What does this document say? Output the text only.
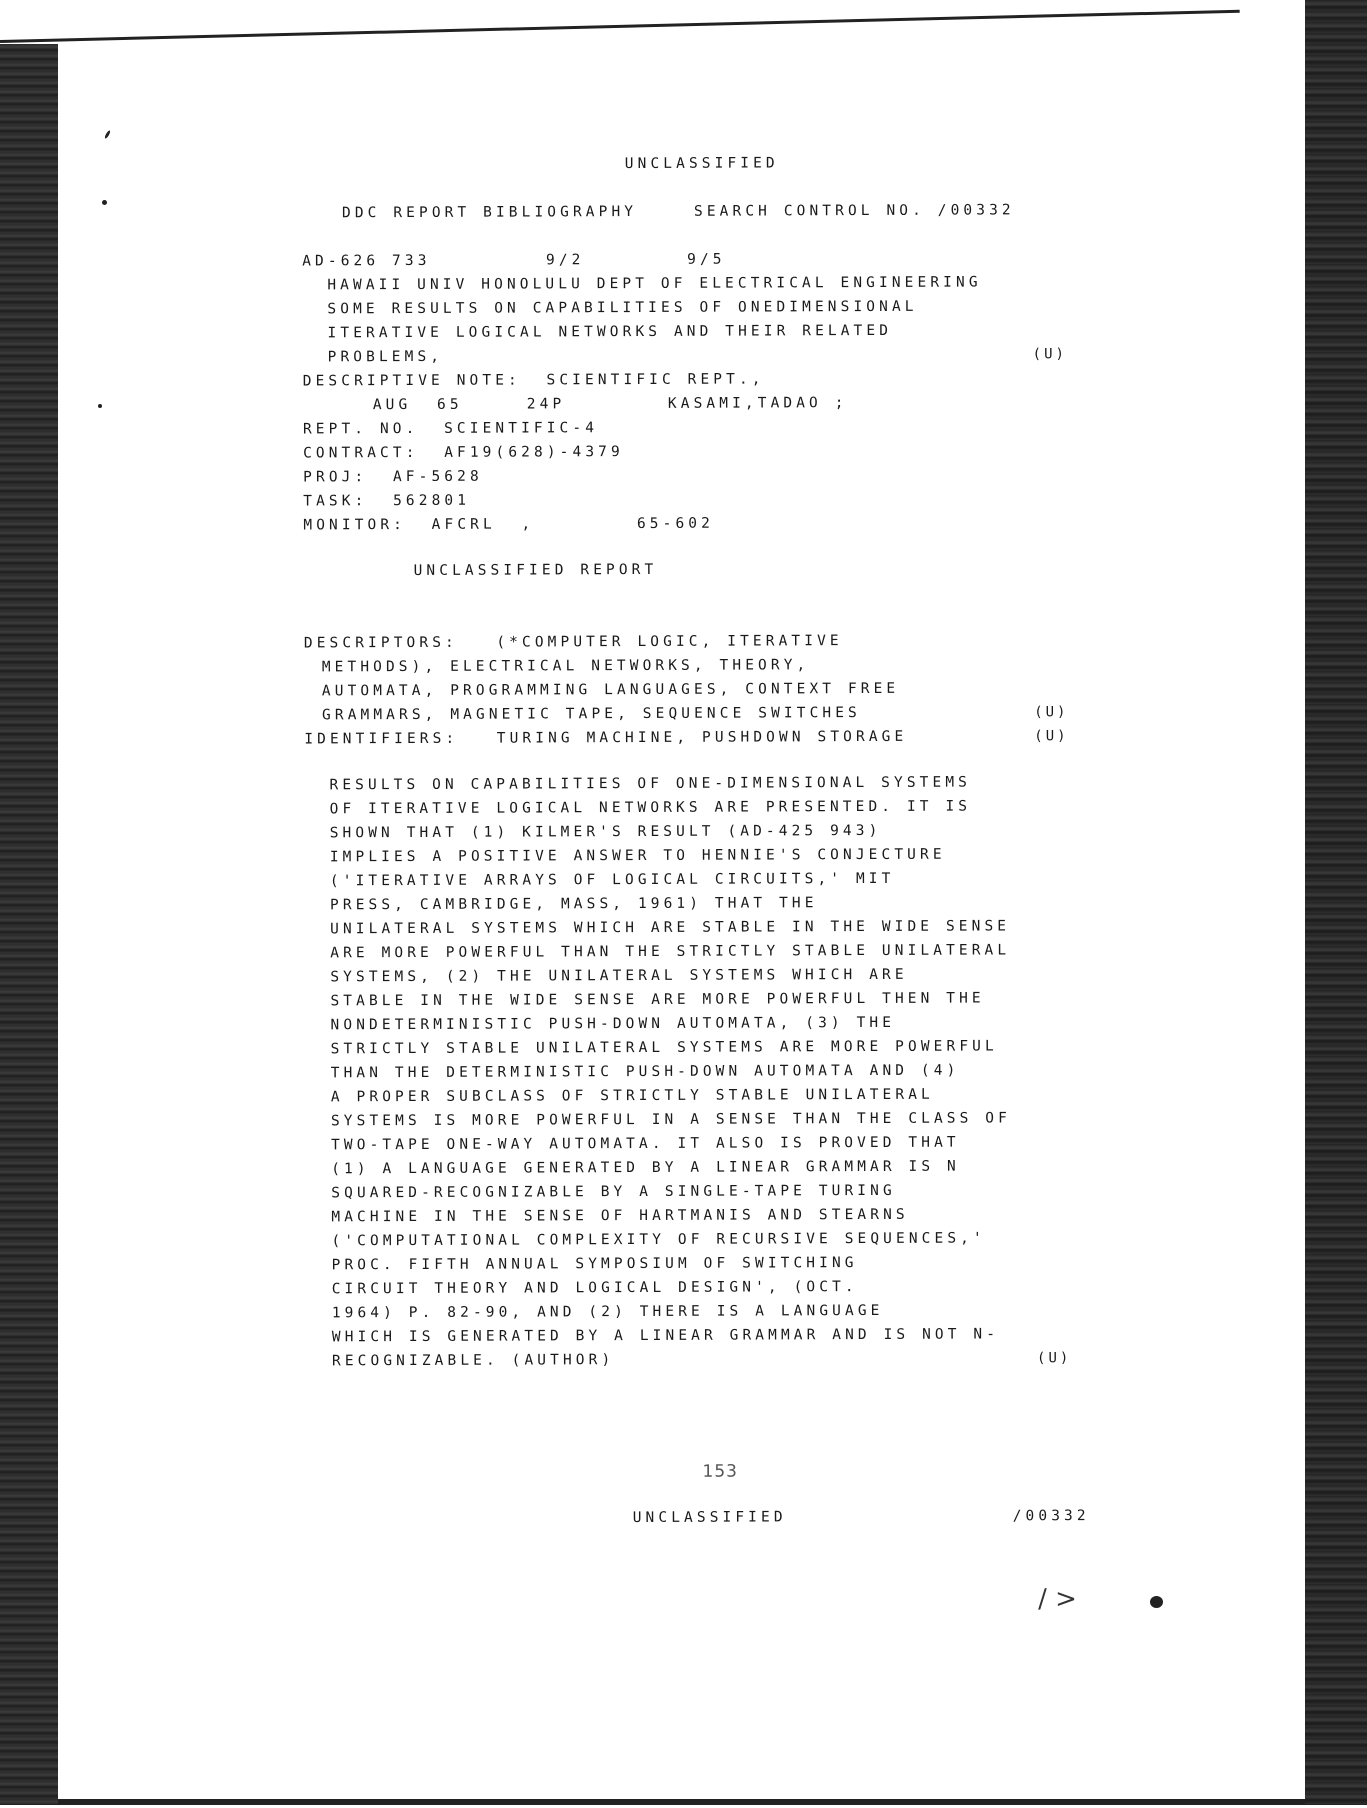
UNCLASSIFIED
DDC REPORT BIBLIOGRAPHY	SEARCH CONTROL NO. /00332
AD-626 733         9/2        9/5
HAWAII UNIV HONOLULU DEPT OF ELECTRICAL ENGINEERING
SOME RESULTS ON CAPABILITIES OF ONEDIMENSIONAL
ITERATIVE LOGICAL NETWORKS AND THEIR RELATED
PROBLEMS,	(U)
DESCRIPTIVE NOTE:  SCIENTIFIC REPT.,
AUG  65     24P        KASAMI,TADAO ;
REPT. NO.  SCIENTIFIC-4
CONTRACT:  AF19(628)-4379
PROJ:  AF-5628
TASK:  562801
MONITOR:  AFCRL  ,        65-602
UNCLASSIFIED REPORT
DESCRIPTORS:   (*COMPUTER LOGIC, ITERATIVE
METHODS), ELECTRICAL NETWORKS, THEORY,
AUTOMATA, PROGRAMMING LANGUAGES, CONTEXT FREE
GRAMMARS, MAGNETIC TAPE, SEQUENCE SWITCHES	(U)
IDENTIFIERS:   TURING MACHINE, PUSHDOWN STORAGE	(U)
RESULTS ON CAPABILITIES OF ONE-DIMENSIONAL SYSTEMS
OF ITERATIVE LOGICAL NETWORKS ARE PRESENTED. IT IS
SHOWN THAT (1) KILMER'S RESULT (AD-425 943)
IMPLIES A POSITIVE ANSWER TO HENNIE'S CONJECTURE
('ITERATIVE ARRAYS OF LOGICAL CIRCUITS,' MIT
PRESS, CAMBRIDGE, MASS, 1961) THAT THE
UNILATERAL SYSTEMS WHICH ARE STABLE IN THE WIDE SENSE
ARE MORE POWERFUL THAN THE STRICTLY STABLE UNILATERAL
SYSTEMS, (2) THE UNILATERAL SYSTEMS WHICH ARE
STABLE IN THE WIDE SENSE ARE MORE POWERFUL THEN THE
NONDETERMINISTIC PUSH-DOWN AUTOMATA, (3) THE
STRICTLY STABLE UNILATERAL SYSTEMS ARE MORE POWERFUL
THAN THE DETERMINISTIC PUSH-DOWN AUTOMATA AND (4)
A PROPER SUBCLASS OF STRICTLY STABLE UNILATERAL
SYSTEMS IS MORE POWERFUL IN A SENSE THAN THE CLASS OF
TWO-TAPE ONE-WAY AUTOMATA. IT ALSO IS PROVED THAT
(1) A LANGUAGE GENERATED BY A LINEAR GRAMMAR IS N
SQUARED-RECOGNIZABLE BY A SINGLE-TAPE TURING
MACHINE IN THE SENSE OF HARTMANIS AND STEARNS
('COMPUTATIONAL COMPLEXITY OF RECURSIVE SEQUENCES,'
PROC. FIFTH ANNUAL SYMPOSIUM OF SWITCHING
CIRCUIT THEORY AND LOGICAL DESIGN', (OCT.
1964) P. 82-90, AND (2) THERE IS A LANGUAGE
WHICH IS GENERATED BY A LINEAR GRAMMAR AND IS NOT N-
RECOGNIZABLE. (AUTHOR)	(U)
153
UNCLASSIFIED	/00332
/ >
